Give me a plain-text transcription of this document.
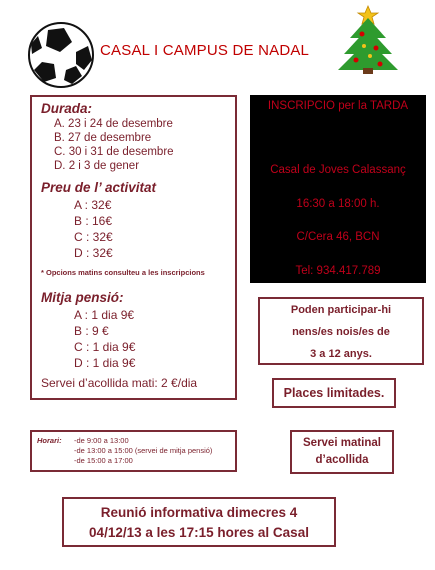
CASAL I CAMPUS DE NADAL
Durada:
A. 23 i 24 de desembre
B. 27 de desembre
C. 30 i 31 de desembre
D. 2 i 3 de gener
Preu de l’ activitat
A : 32€
B : 16€
C : 32€
D : 32€
* Opcions matins consulteu a les inscripcions
Mitja pensió:
A : 1 dia 9€
B : 9 €
C : 1 dia 9€
D : 1 dia 9€
Servei d’acollida mati: 2 €/dia
INSCRIPCIO per la TARDA
Casal de Joves Calassanç
16:30 a 18:00 h.
C/Cera 46, BCN
Tel: 934.417.789
Poden participar-hi
nens/es nois/es de
3 a 12 anys.
Places limitades.
Horari: -de 9:00 a 13:00
-de 13:00 a 15:00 (servei de mitja pensió)
-de 15:00 a 17:00
Servei matinal
d’acollida
Reunió informativa dimecres 4
04/12/13 a les 17:15 hores al Casal
